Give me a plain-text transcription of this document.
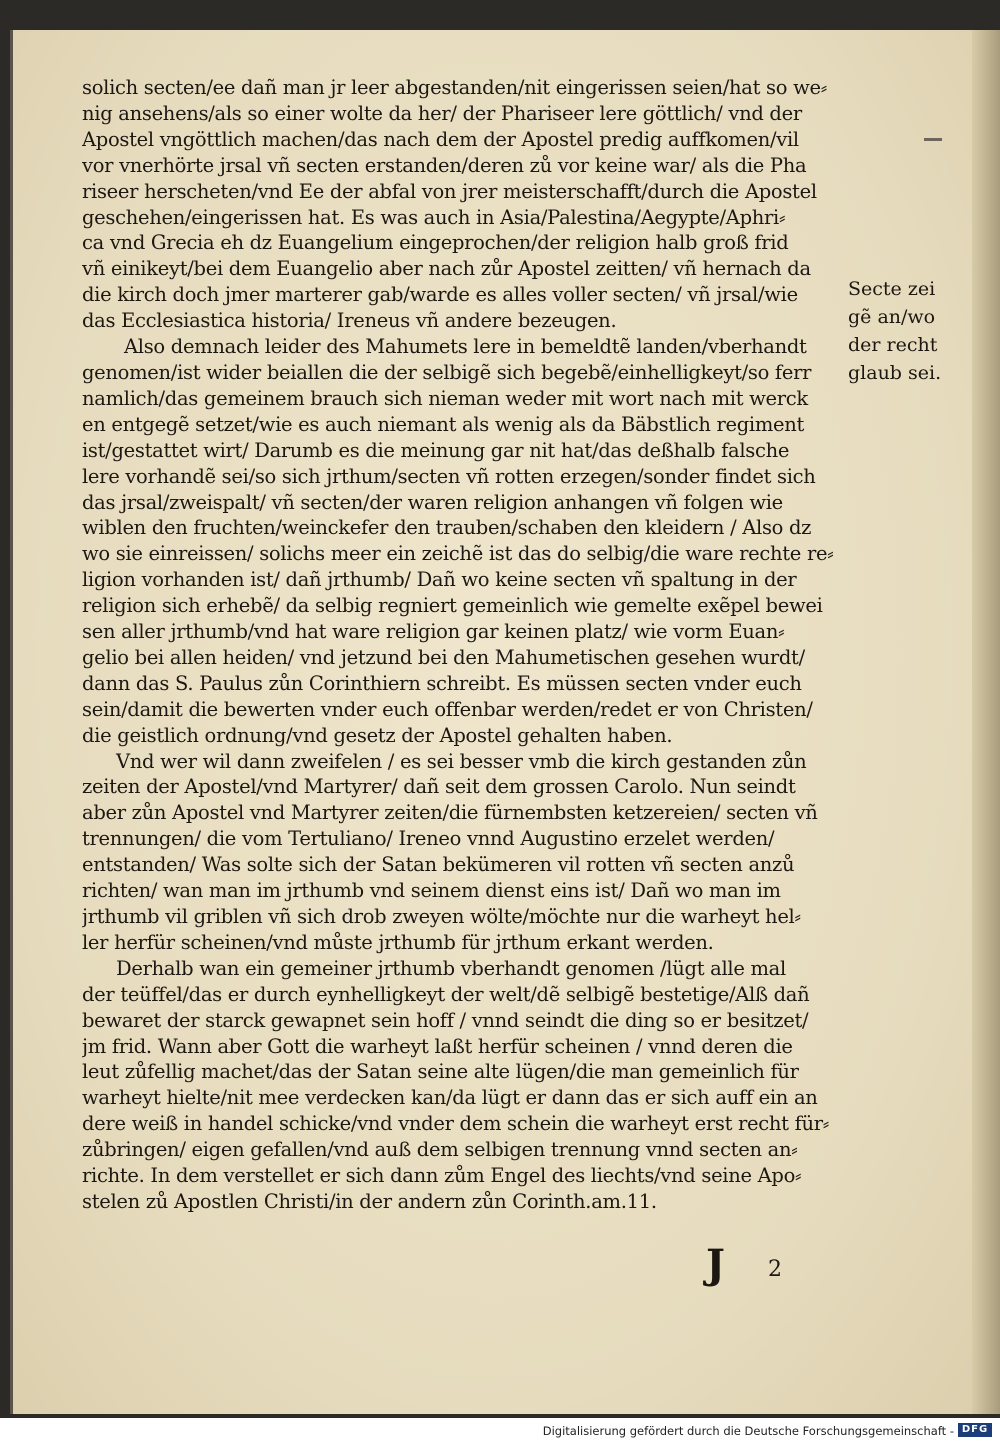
solich secten/ee dañ man jr leer abgestanden/nit eingerissen seien/hat so we⸗
nig ansehens/als so einer wolte da her/ der Phariseer lere göttlich/ vnd der
Apostel vngöttlich machen/das nach dem der Apostel predig auffkomen/vil
vor vnerhörte jrsal vñ secten erstanden/deren zů vor keine war/ als die Pha
riseer herscheten/vnd Ee der abfal von jrer meisterschafft/durch die Apostel
geschehen/eingerissen hat. Es was auch in Asia/Palestina/Aegypte/Aphri⸗
ca vnd Grecia eh dz Euangelium eingeprochen/der religion halb groß frid
vñ einikeyt/bei dem Euangelio aber nach zůr Apostel zeitten/ vñ hernach da
die kirch doch jmer marterer gab/warde es alles voller secten/ vñ jrsal/wie
das Ecclesiastica historia/ Ireneus vñ andere bezeugen.
Also demnach leider des Mahumets lere in bemeldtẽ landen/vberhandt
genomen/ist wider beiallen die der selbigẽ sich begebẽ/einhelligkeyt/so ferr
namlich/das gemeinem brauch sich nieman weder mit wort nach mit werck
en entgegẽ setzet/wie es auch niemant als wenig als da Bäbstlich regiment
ist/gestattet wirt/ Darumb es die meinung gar nit hat/das deßhalb falsche
lere vorhandẽ sei/so sich jrthum/secten vñ rotten erzegen/sonder findet sich
das jrsal/zweispalt/ vñ secten/der waren religion anhangen vñ folgen wie
wiblen den fruchten/weinckefer den trauben/schaben den kleidern / Also dz
wo sie einreissen/ solichs meer ein zeichẽ ist das do selbig/die ware rechte re⸗
ligion vorhanden ist/ dañ jrthumb/ Dañ wo keine secten vñ spaltung in der
religion sich erhebẽ/ da selbig regniert gemeinlich wie gemelte exẽpel bewei
sen aller jrthumb/vnd hat ware religion gar keinen platz/ wie vorm Euan⸗
gelio bei allen heiden/ vnd jetzund bei den Mahumetischen gesehen wurdt/
dann das S. Paulus zůn Corinthiern schreibt. Es müssen secten vnder euch
sein/damit die bewerten vnder euch offenbar werden/redet er von Christen/
die geistlich ordnung/vnd gesetz der Apostel gehalten haben.
Vnd wer wil dann zweifelen / es sei besser vmb die kirch gestanden zůn
zeiten der Apostel/vnd Martyrer/ dañ seit dem grossen Carolo. Nun seindt
aber zůn Apostel vnd Martyrer zeiten/die fürnembsten ketzereien/ secten vñ
trennungen/ die vom Tertuliano/ Ireneo vnnd Augustino erzelet werden/
entstanden/ Was solte sich der Satan bekümeren vil rotten vñ secten anzů
richten/ wan man im jrthumb vnd seinem dienst eins ist/ Dañ wo man im
jrthumb vil griblen vñ sich drob zweyen wölte/möchte nur die warheyt hel⸗
ler herfür scheinen/vnd můste jrthumb für jrthum erkant werden.
Derhalb wan ein gemeiner jrthumb vberhandt genomen /lügt alle mal
der teüffel/das er durch eynhelligkeyt der welt/dẽ selbigẽ bestetige/Alß dañ
bewaret der starck gewapnet sein hoff / vnnd seindt die ding so er besitzet/
jm frid. Wann aber Gott die warheyt laßt herfür scheinen / vnnd deren die
leut zůfellig machet/das der Satan seine alte lügen/die man gemeinlich für
warheyt hielte/nit mee verdecken kan/da lügt er dann das er sich auff ein an
dere weiß in handel schicke/vnd vnder dem schein die warheyt erst recht für⸗
zůbringen/ eigen gefallen/vnd auß dem selbigen trennung vnnd secten an⸗
richte. In dem verstellet er sich dann zům Engel des liechts/vnd seine Apo⸗
stelen zů Apostlen Christi/in der andern zůn Corinth.am.11.
Secte zei
gẽ an/wo
der recht
glaub sei.
J 2
Digitalisierung gefördert durch die Deutsche Forschungsgemeinschaft - DFG
